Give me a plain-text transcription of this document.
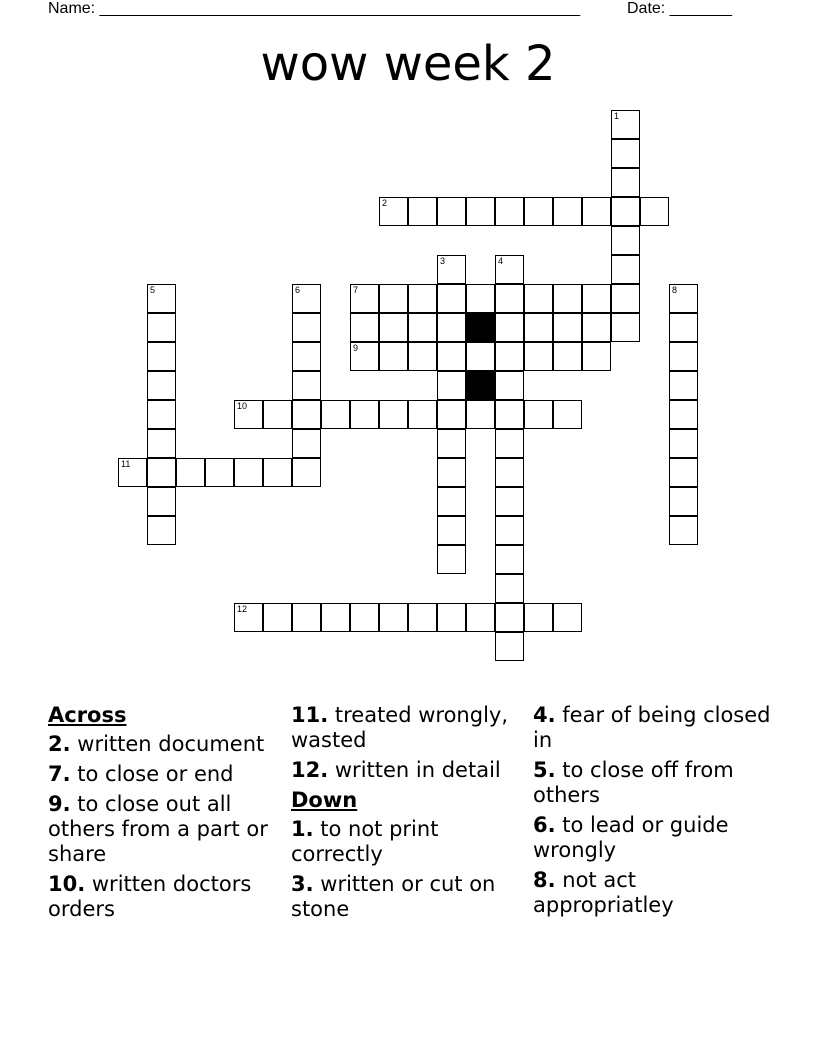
Name: ______________________________________________________	Date: _______
wow week 2
1
2
3	4
5	6	7	8
9
10
11
12
Across
2. written document
7. to close or end
9. to close out all others from a part or share
10. written doctors orders
11. treated wrongly, wasted
12. written in detail
Down
1. to not print correctly
3. written or cut on stone
4. fear of being closed in
5. to close off from others
6. to lead or guide wrongly
8. not act appropriatley
